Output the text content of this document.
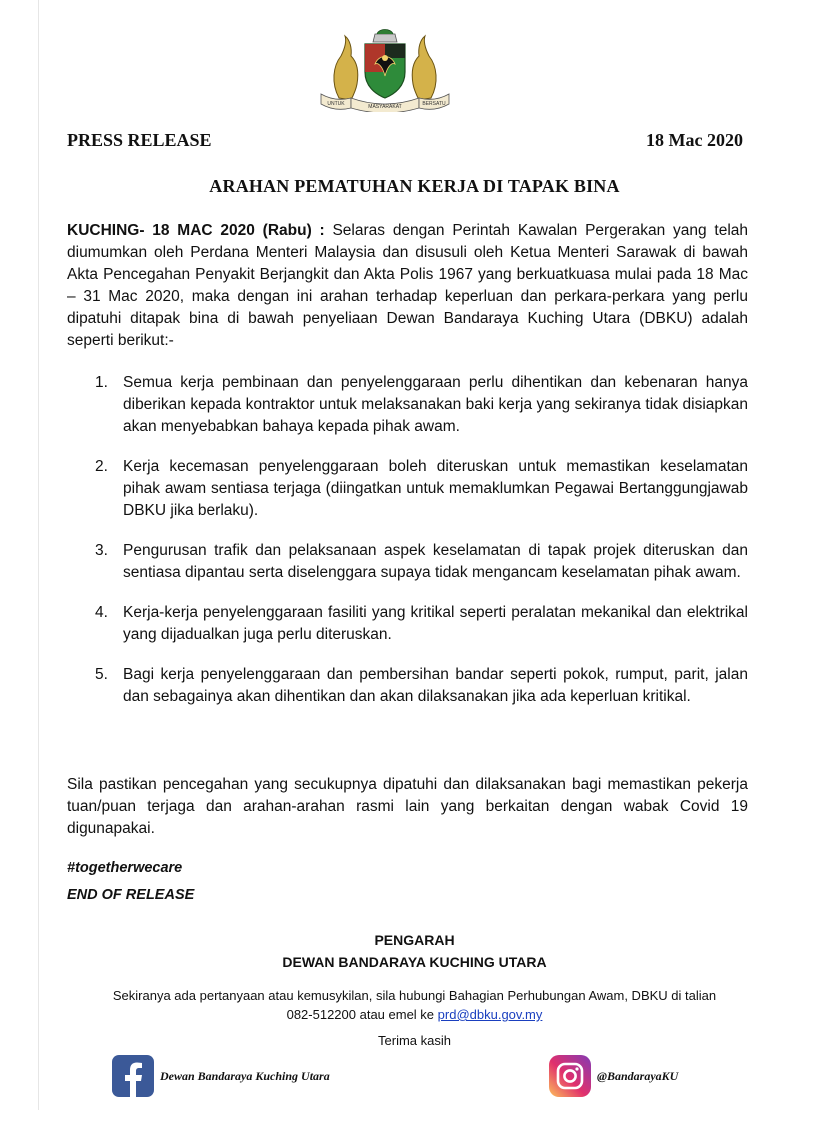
UNTUK	MASYARAKAT	BERSATU
PRESS RELEASE	18 Mac 2020
ARAHAN PEMATUHAN KERJA DI TAPAK BINA

KUCHING- 18 MAC 2020 (Rabu) : Selaras dengan Perintah Kawalan Pergerakan yang telah diumumkan oleh Perdana Menteri Malaysia dan disusuli oleh Ketua Menteri Sarawak di bawah Akta Pencegahan Penyakit Berjangkit dan Akta Polis 1967 yang berkuatkuasa mulai pada 18 Mac – 31 Mac 2020, maka dengan ini arahan terhadap keperluan dan perkara-perkara yang perlu dipatuhi ditapak bina di bawah penyeliaan Dewan Bandaraya Kuching Utara (DBKU) adalah seperti berikut:-

1. Semua kerja pembinaan dan penyelenggaraan perlu dihentikan dan kebenaran hanya diberikan kepada kontraktor untuk melaksanakan baki kerja yang sekiranya tidak disiapkan akan menyebabkan bahaya kepada pihak awam.
2. Kerja kecemasan penyelenggaraan boleh diteruskan untuk memastikan keselamatan pihak awam sentiasa terjaga (diingatkan untuk memaklumkan Pegawai Bertanggungjawab DBKU jika berlaku).
3. Pengurusan trafik dan pelaksanaan aspek keselamatan di tapak projek diteruskan dan sentiasa dipantau serta diselenggara supaya tidak mengancam keselamatan pihak awam.
4. Kerja-kerja penyelenggaraan fasiliti yang kritikal seperti peralatan mekanikal dan elektrikal yang dijadualkan juga perlu diteruskan.
5. Bagi kerja penyelenggaraan dan pembersihan bandar seperti pokok, rumput, parit, jalan dan sebagainya akan dihentikan dan akan dilaksanakan jika ada keperluan kritikal.

Sila pastikan pencegahan yang secukupnya dipatuhi dan dilaksanakan bagi memastikan pekerja tuan/puan terjaga dan arahan-arahan rasmi lain yang berkaitan dengan wabak Covid 19 digunapakai.

#togetherwecare
END OF RELEASE
PENGARAH
DEWAN BANDARAYA KUCHING UTARA
Sekiranya ada pertanyaan atau kemusykilan, sila hubungi Bahagian Perhubungan Awam, DBKU di talian
082-512200 atau emel ke prd@dbku.gov.my
Terima kasih
Dewan Bandaraya Kuching Utara	@BandarayaKU
